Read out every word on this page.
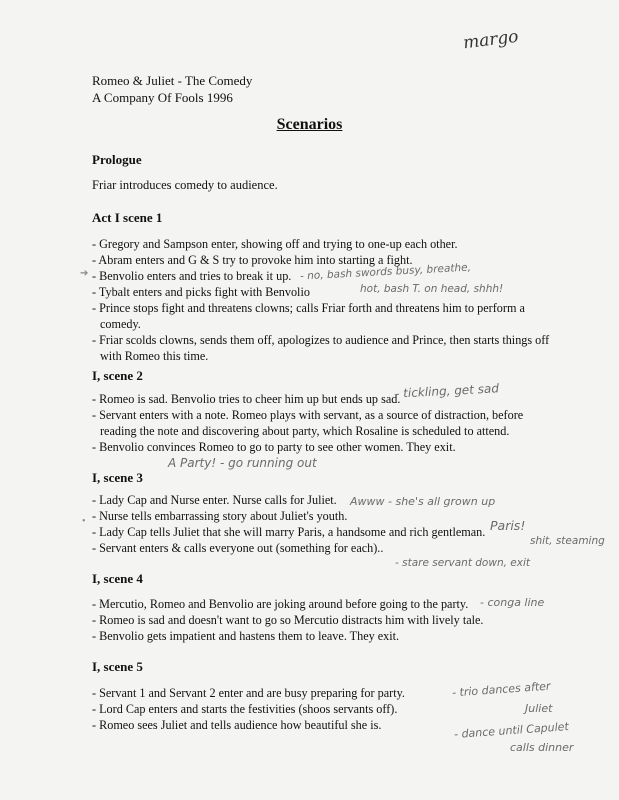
margo
Romeo & Juliet - The Comedy
A Company Of Fools 1996
Scenarios
Prologue
Friar introduces comedy to audience.
Act I scene 1
- Gregory and Sampson enter, showing off and trying to one-up each other.
- Abram enters and G & S try to provoke him into starting a fight.
- Benvolio enters and tries to break it up.
- Tybalt enters and picks fight with Benvolio
- Prince stops fight and threatens clowns; calls Friar forth and threatens him to perform a comedy.
- Friar scolds clowns, sends them off, apologizes to audience and Prince, then starts things off with Romeo this time.
I, scene 2
- Romeo is sad. Benvolio tries to cheer him up but ends up sad.
- Servant enters with a note. Romeo plays with servant, as a source of distraction, before reading the note and discovering about party, which Rosaline is scheduled to attend.
- Benvolio convinces Romeo to go to party to see other women. They exit.
I, scene 3
- Lady Cap and Nurse enter. Nurse calls for Juliet.
- Nurse tells embarrassing story about Juliet's youth.
- Lady Cap tells Juliet that she will marry Paris, a handsome and rich gentleman.
- Servant enters & calls everyone out (something for each)..
I, scene 4
- Mercutio, Romeo and Benvolio are joking around before going to the party.
- Romeo is sad and doesn't want to go so Mercutio distracts him with lively tale.
- Benvolio gets impatient and hastens them to leave. They exit.
I, scene 5
- Servant 1 and Servant 2 enter and are busy preparing for party.
- Lord Cap enters and starts the festivities (shoos servants off).
- Romeo sees Juliet and tells audience how beautiful she is.
➔
•
- no, bash swords busy, breathe,
hot, bash T. on head, shhh!
- tickling, get sad
A Party! - go running out
Awww - she's all grown up
Paris!
shit, steaming
- stare servant down, exit
- conga line
- trio dances after
Juliet
- dance until Capulet
calls dinner
